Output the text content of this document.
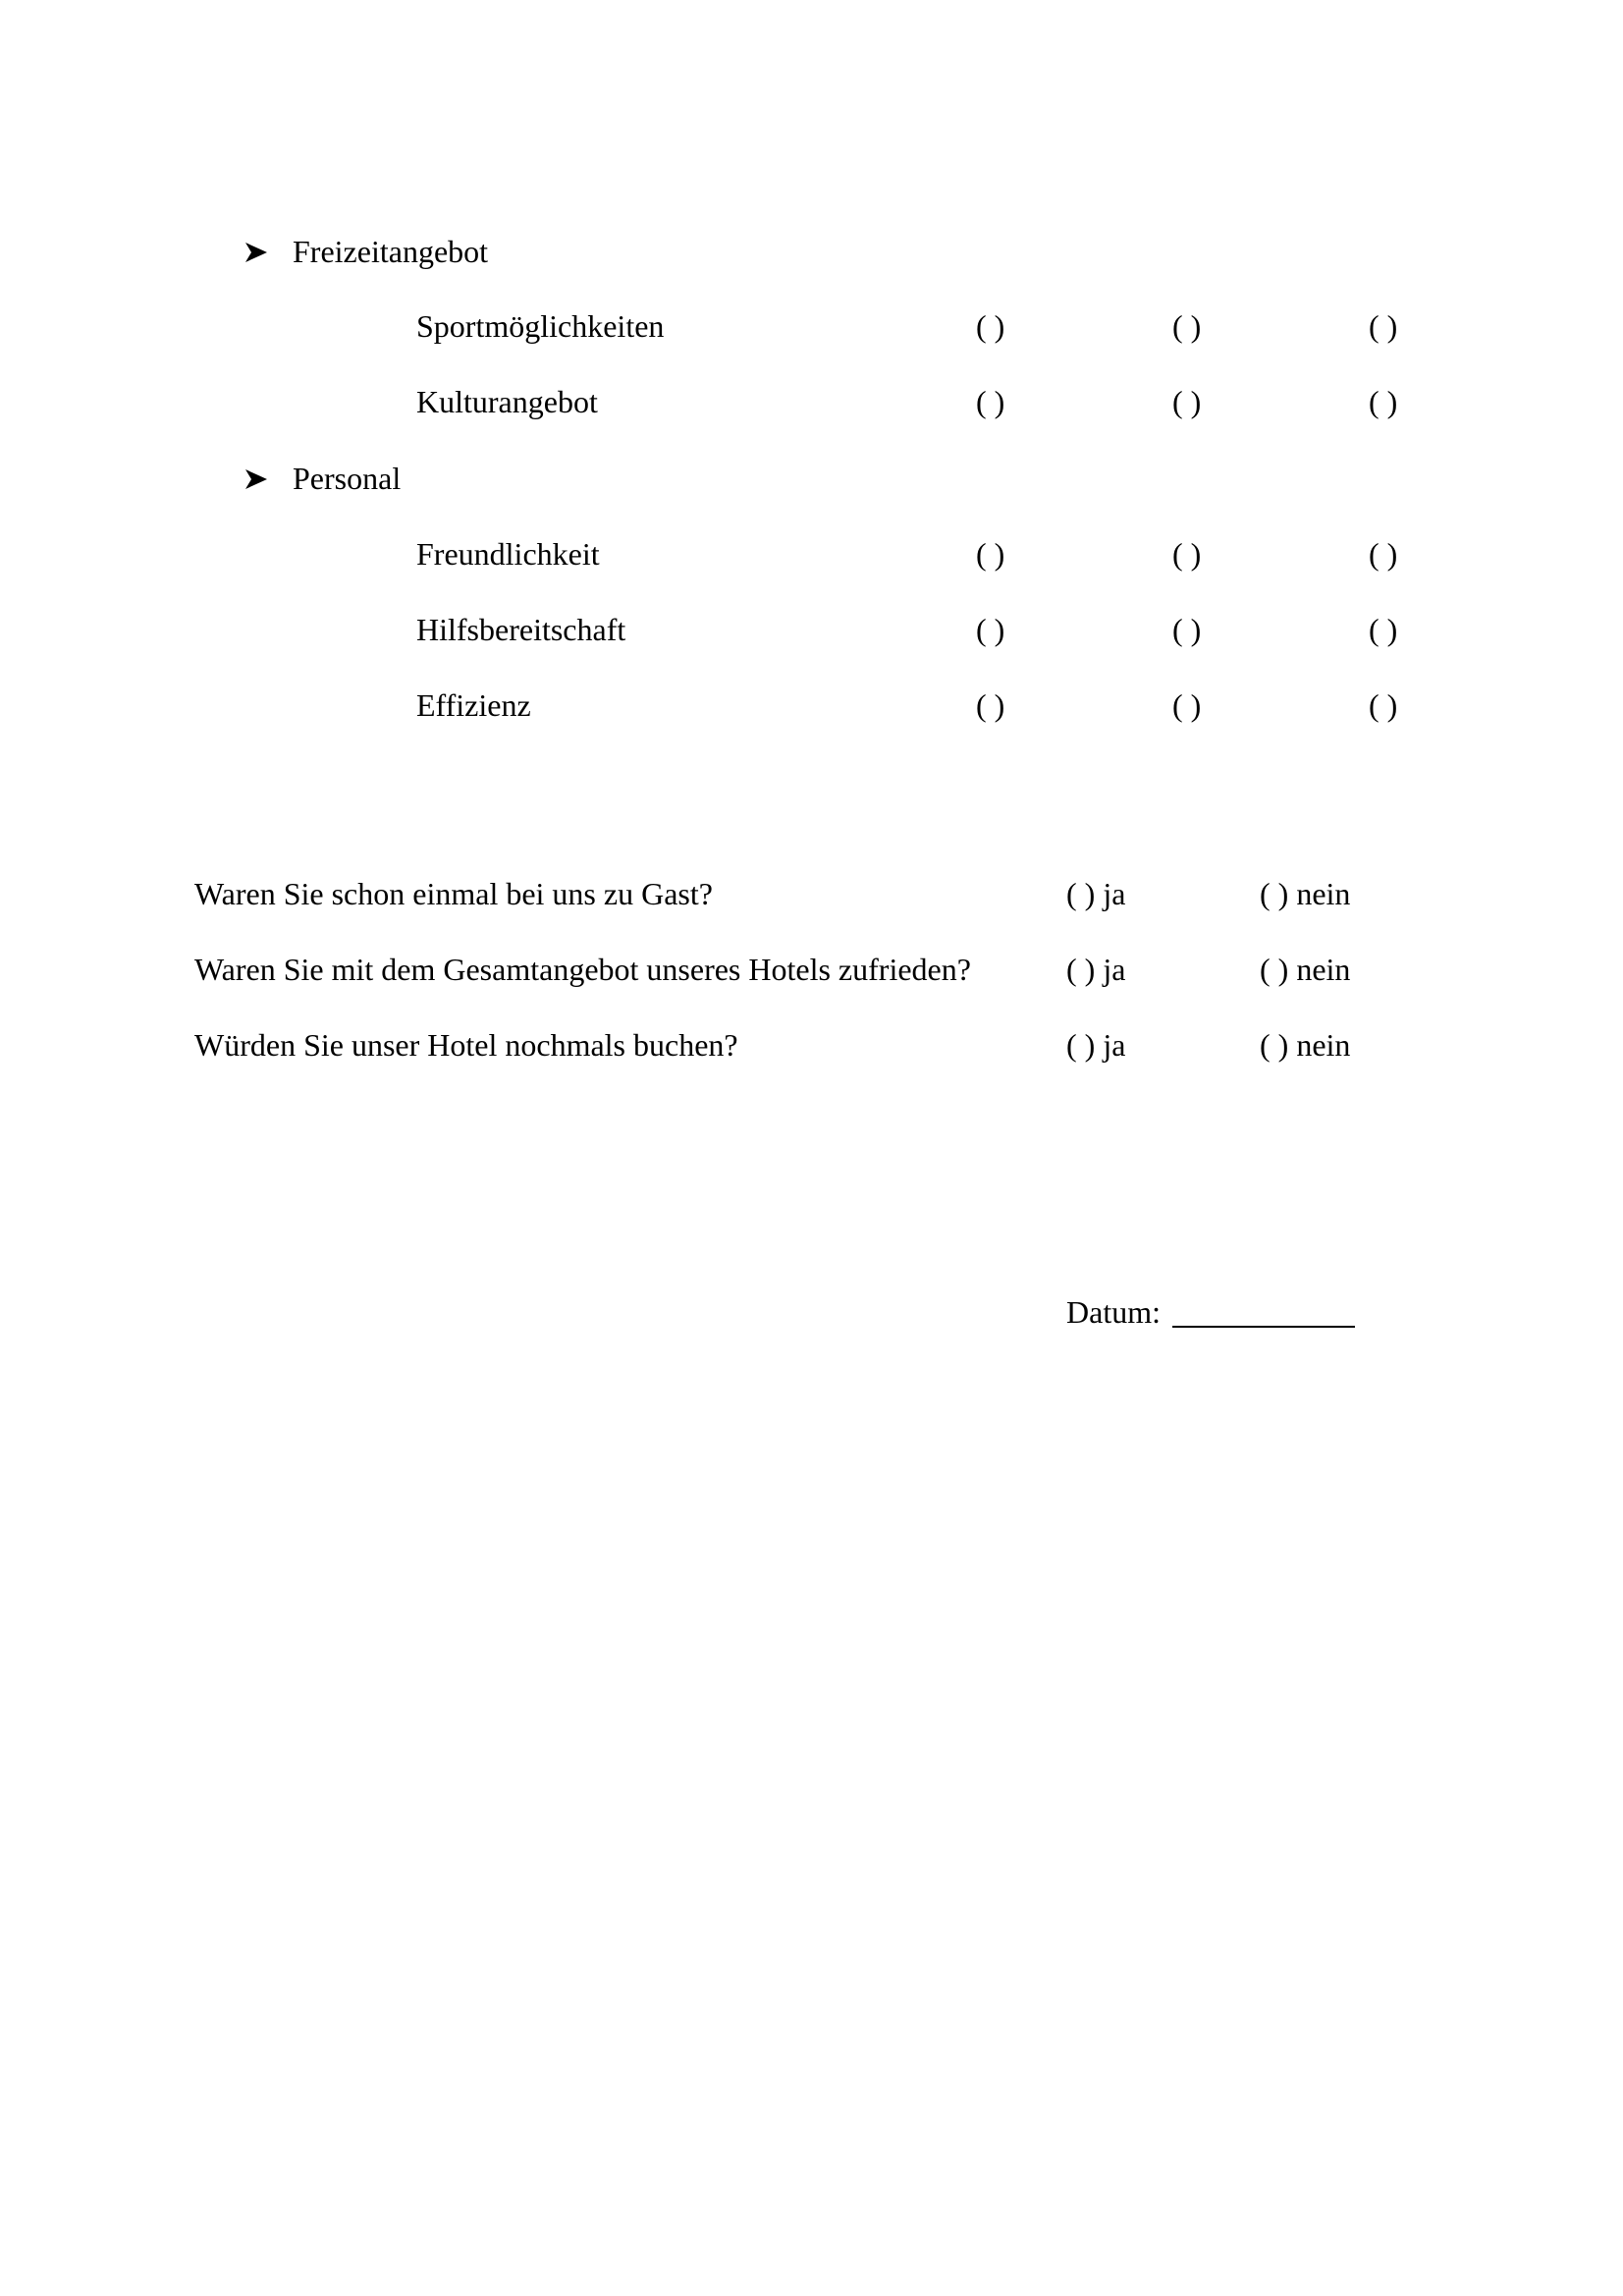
Freizeitangebot
Sportmöglichkeiten	( )	( )	( )
Kulturangebot	( )	( )	( )
Personal
Freundlichkeit	( )	( )	( )
Hilfsbereitschaft	( )	( )	( )
Effizienz	( )	( )	( )
Waren Sie schon einmal bei uns zu Gast?	( ) ja	( ) nein
Waren Sie mit dem Gesamtangebot unseres Hotels zufrieden?	( ) ja	( ) nein
Würden Sie unser Hotel nochmals buchen?	( ) ja	( ) nein
Datum:
